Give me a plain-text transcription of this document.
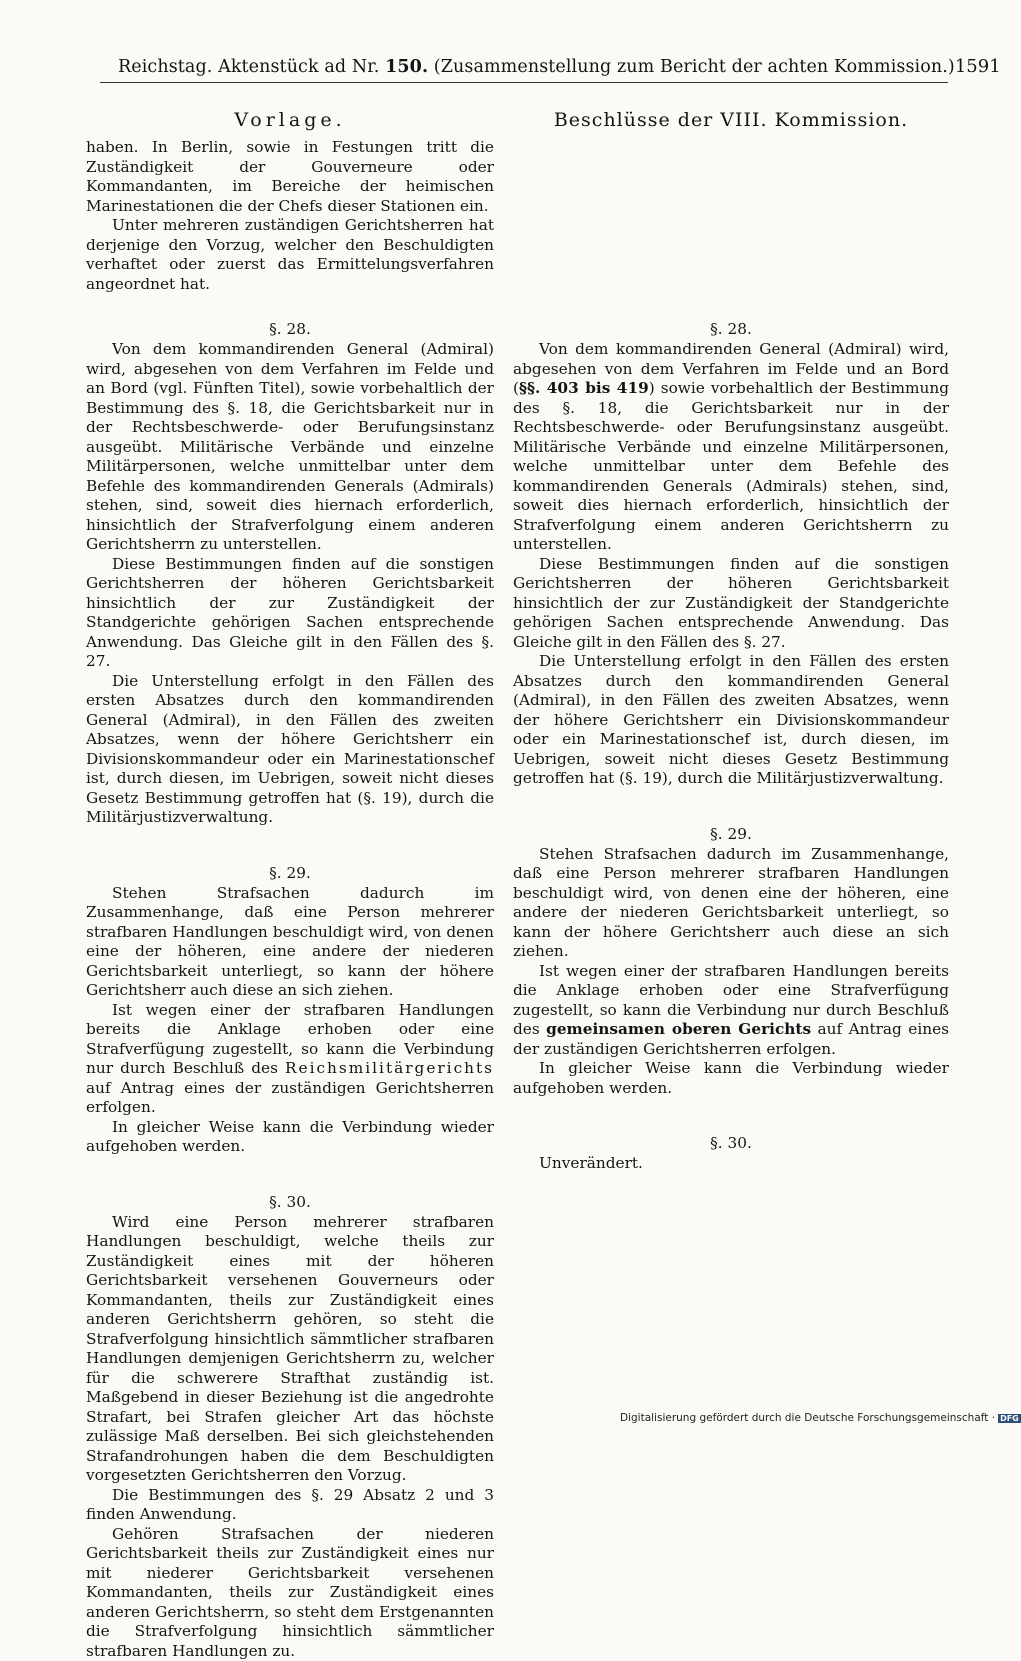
Reichstag. Aktenstück ad Nr. 150. (Zusammenstellung zum Bericht der achten Kommission.) 1591
Vorlage.

haben. In Berlin, sowie in Festungen tritt die Zuständigkeit der Gouverneure oder Kommandanten, im Bereiche der heimischen Marinestationen die der Chefs dieser Stationen ein.

Unter mehreren zuständigen Gerichtsherren hat derjenige den Vorzug, welcher den Beschuldigten verhaftet oder zuerst das Ermittelungsverfahren angeordnet hat.

§. 28.

Von dem kommandirenden General (Admiral) wird, abgesehen von dem Verfahren im Felde und an Bord (vgl. Fünften Titel), sowie vorbehaltlich der Bestimmung des §. 18, die Gerichtsbarkeit nur in der Rechtsbeschwerde- oder Berufungsinstanz ausgeübt. Militärische Verbände und einzelne Militärpersonen, welche unmittelbar unter dem Befehle des kommandirenden Generals (Admirals) stehen, sind, soweit dies hiernach erforderlich, hinsichtlich der Strafverfolgung einem anderen Gerichtsherrn zu unterstellen.

Diese Bestimmungen finden auf die sonstigen Gerichtsherren der höheren Gerichtsbarkeit hinsichtlich der zur Zuständigkeit der Standgerichte gehörigen Sachen entsprechende Anwendung. Das Gleiche gilt in den Fällen des §. 27.

Die Unterstellung erfolgt in den Fällen des ersten Absatzes durch den kommandirenden General (Admiral), in den Fällen des zweiten Absatzes, wenn der höhere Gerichtsherr ein Divisionskommandeur oder ein Marinestationschef ist, durch diesen, im Uebrigen, soweit nicht dieses Gesetz Bestimmung getroffen hat (§. 19), durch die Militärjustizverwaltung.

§. 29.

Stehen Strafsachen dadurch im Zusammenhange, daß eine Person mehrerer strafbaren Handlungen beschuldigt wird, von denen eine der höheren, eine andere der niederen Gerichtsbarkeit unterliegt, so kann der höhere Gerichtsherr auch diese an sich ziehen.

Ist wegen einer der strafbaren Handlungen bereits die Anklage erhoben oder eine Strafverfügung zugestellt, so kann die Verbindung nur durch Beschluß des Reichsmilitärgerichts auf Antrag eines der zuständigen Gerichtsherren erfolgen.

In gleicher Weise kann die Verbindung wieder aufgehoben werden.

§. 30.

Wird eine Person mehrerer strafbaren Handlungen beschuldigt, welche theils zur Zuständigkeit eines mit der höheren Gerichtsbarkeit versehenen Gouverneurs oder Kommandanten, theils zur Zuständigkeit eines anderen Gerichtsherrn gehören, so steht die Strafverfolgung hinsichtlich sämmtlicher strafbaren Handlungen demjenigen Gerichtsherrn zu, welcher für die schwerere Strafthat zuständig ist. Maßgebend in dieser Beziehung ist die angedrohte Strafart, bei Strafen gleicher Art das höchste zulässige Maß derselben. Bei sich gleichstehenden Strafandrohungen haben die dem Beschuldigten vorgesetzten Gerichtsherren den Vorzug.

Die Bestimmungen des §. 29 Absatz 2 und 3 finden Anwendung.

Gehören Strafsachen der niederen Gerichtsbarkeit theils zur Zuständigkeit eines nur mit niederer Gerichtsbarkeit versehenen Kommandanten, theils zur Zuständigkeit eines anderen Gerichtsherrn, so steht dem Erstgenannten die Strafverfolgung hinsichtlich sämmtlicher strafbaren Handlungen zu.

Beschlüsse der VIII. Kommission.
§. 28.

Von dem kommandirenden General (Admiral) wird, abgesehen von dem Verfahren im Felde und an Bord (§§. 403 bis 419) sowie vorbehaltlich der Bestimmung des §. 18, die Gerichtsbarkeit nur in der Rechtsbeschwerde- oder Berufungsinstanz ausgeübt. Militärische Verbände und einzelne Militärpersonen, welche unmittelbar unter dem Befehle des kommandirenden Generals (Admirals) stehen, sind, soweit dies hiernach erforderlich, hinsichtlich der Strafverfolgung einem anderen Gerichtsherrn zu unterstellen.

Diese Bestimmungen finden auf die sonstigen Gerichtsherren der höheren Gerichtsbarkeit hinsichtlich der zur Zuständigkeit der Standgerichte gehörigen Sachen entsprechende Anwendung. Das Gleiche gilt in den Fällen des §. 27.

Die Unterstellung erfolgt in den Fällen des ersten Absatzes durch den kommandirenden General (Admiral), in den Fällen des zweiten Absatzes, wenn der höhere Gerichtsherr ein Divisionskommandeur oder ein Marinestationschef ist, durch diesen, im Uebrigen, soweit nicht dieses Gesetz Bestimmung getroffen hat (§. 19), durch die Militärjustizverwaltung.

§. 29.

Stehen Strafsachen dadurch im Zusammenhange, daß eine Person mehrerer strafbaren Handlungen beschuldigt wird, von denen eine der höheren, eine andere der niederen Gerichtsbarkeit unterliegt, so kann der höhere Gerichtsherr auch diese an sich ziehen.

Ist wegen einer der strafbaren Handlungen bereits die Anklage erhoben oder eine Strafverfügung zugestellt, so kann die Verbindung nur durch Beschluß des gemeinsamen oberen Gerichts auf Antrag eines der zuständigen Gerichtsherren erfolgen.

In gleicher Weise kann die Verbindung wieder aufgehoben werden.

§. 30.

Unverändert.

Digitalisierung gefördert durch die Deutsche Forschungsgemeinschaft · DFG
